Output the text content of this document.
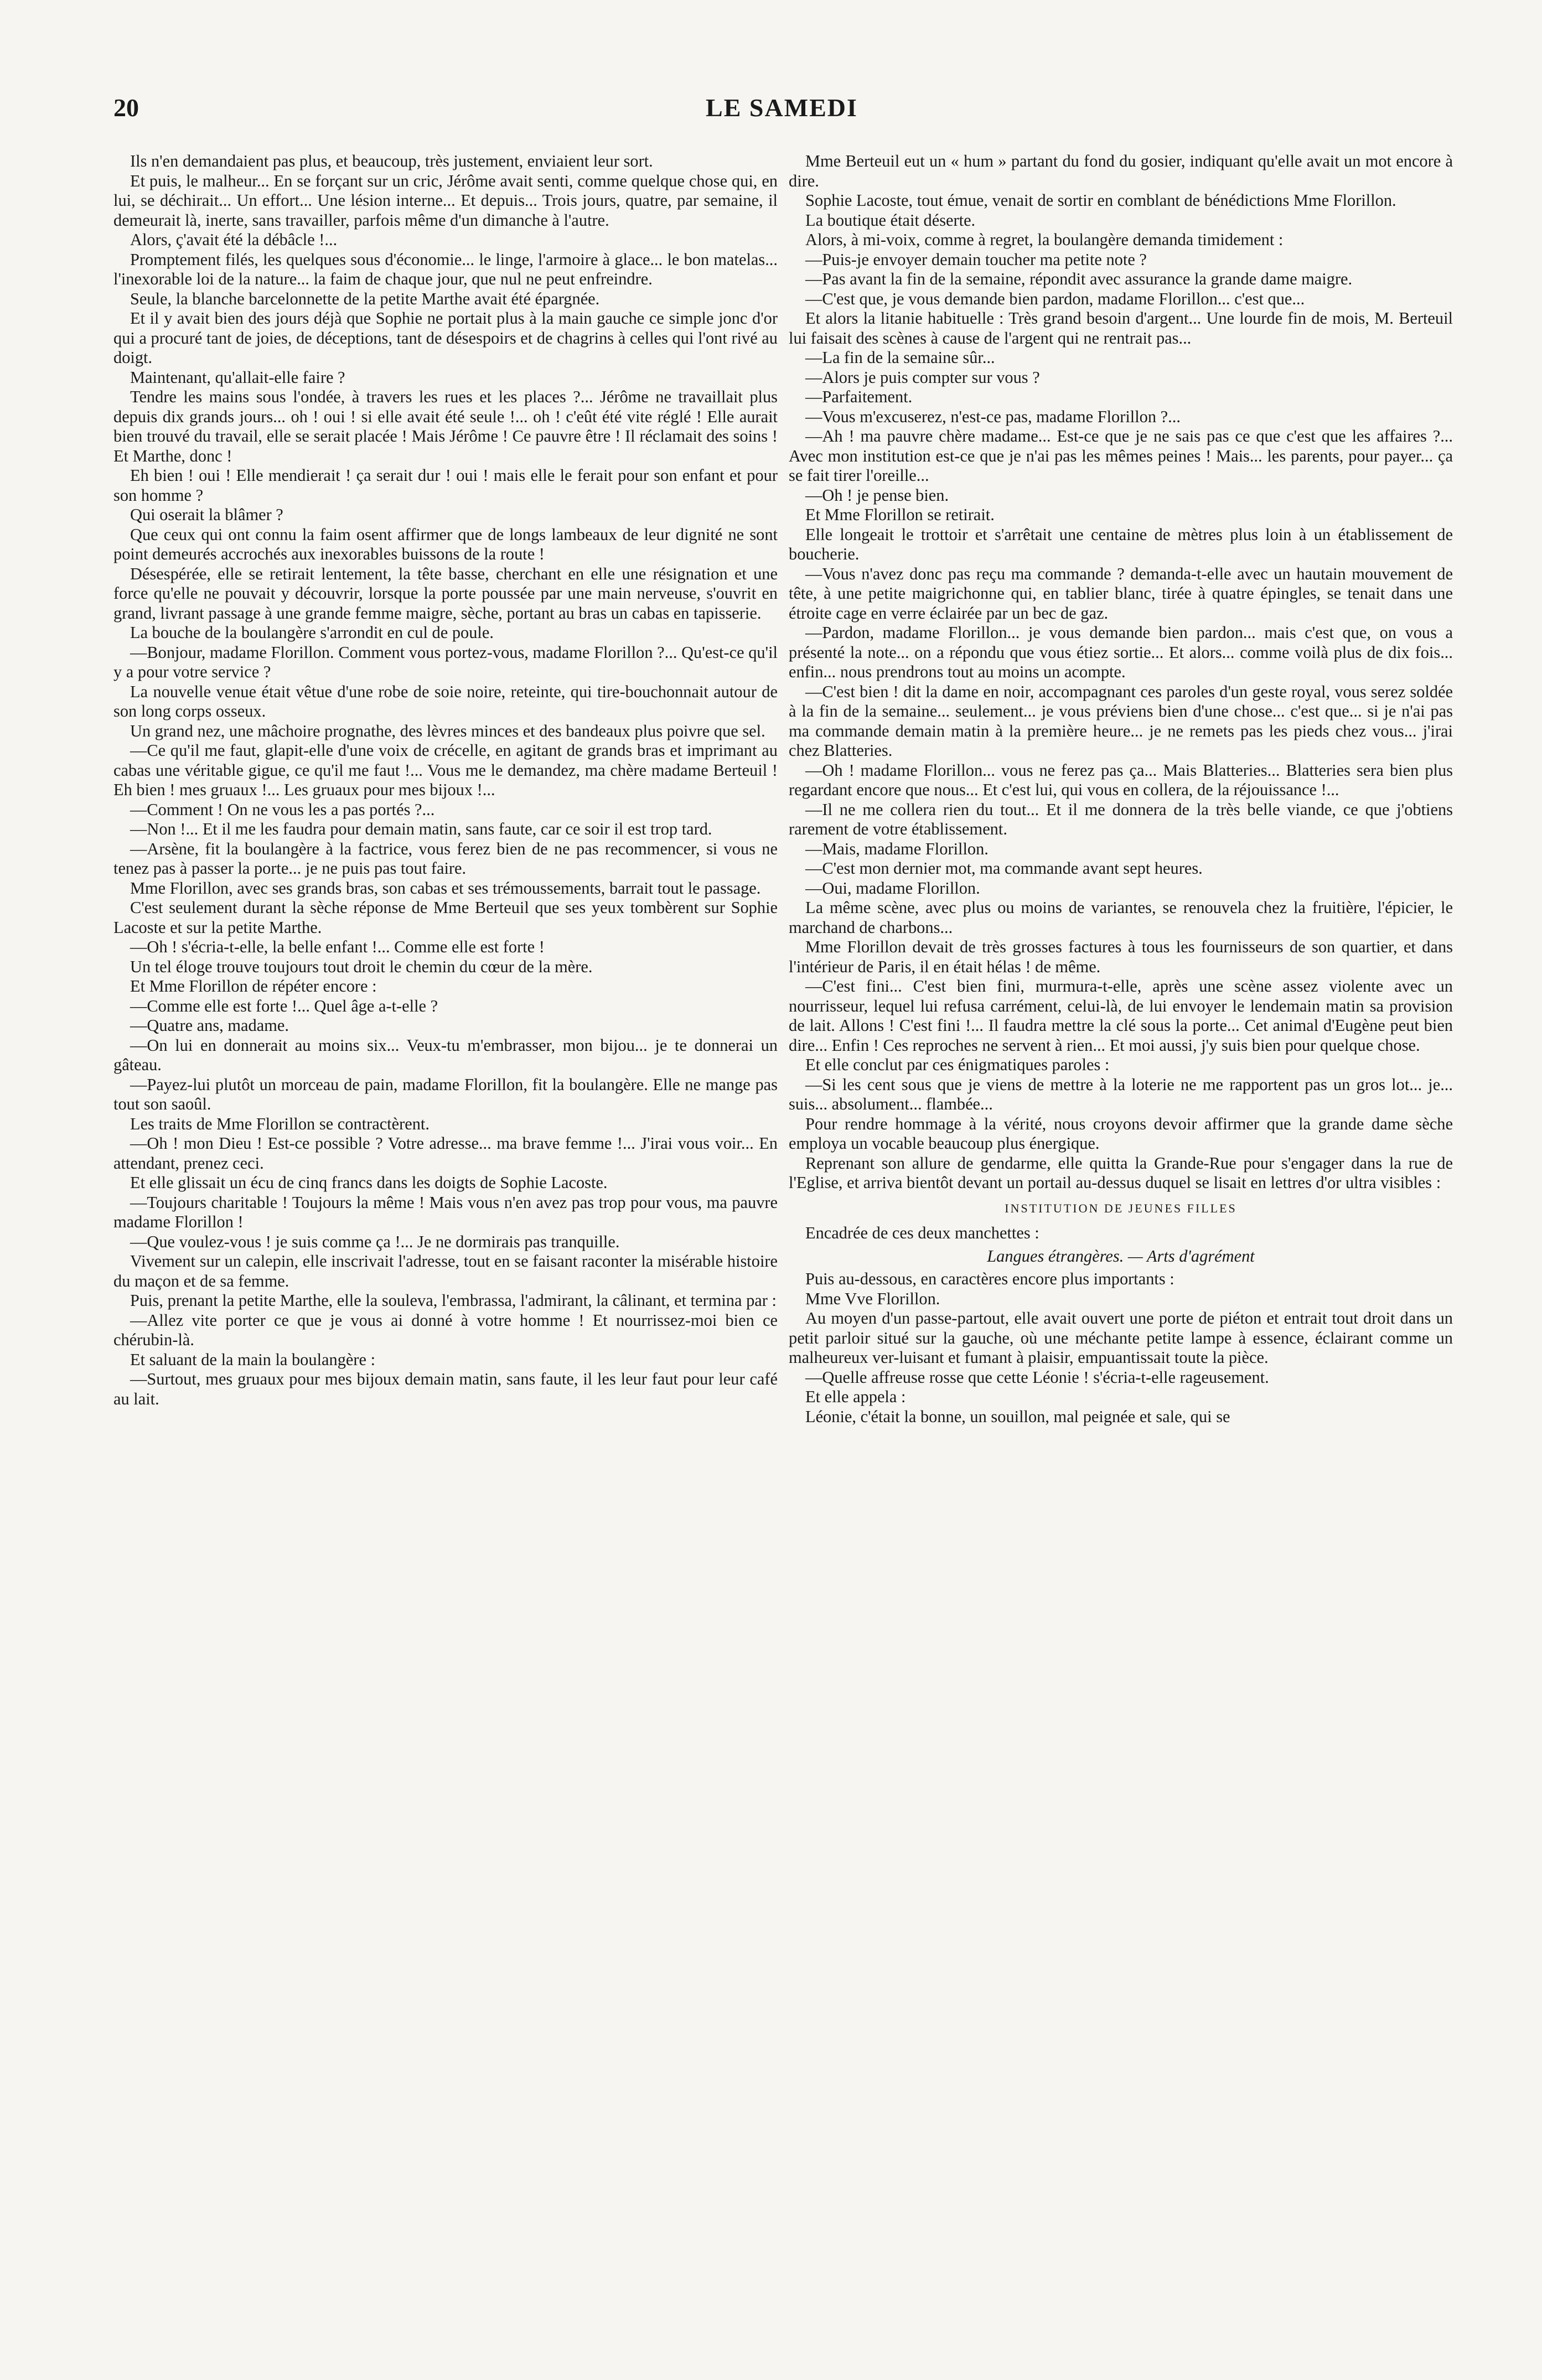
20	LE SAMEDI

Ils n'en demandaient pas plus, et beaucoup, très justement, enviaient leur sort.

Et puis, le malheur... En se forçant sur un cric, Jérôme avait senti, comme quelque chose qui, en lui, se déchirait... Un effort... Une lésion interne... Et depuis... Trois jours, quatre, par semaine, il demeurait là, inerte, sans travailler, parfois même d'un dimanche à l'autre.

Alors, ç'avait été la débâcle !...

Promptement filés, les quelques sous d'économie... le linge, l'armoire à glace... le bon matelas... l'inexorable loi de la nature... la faim de chaque jour, que nul ne peut enfreindre.

Seule, la blanche barcelonnette de la petite Marthe avait été épargnée.

Et il y avait bien des jours déjà que Sophie ne portait plus à la main gauche ce simple jonc d'or qui a procuré tant de joies, de déceptions, tant de désespoirs et de chagrins à celles qui l'ont rivé au doigt.

Maintenant, qu'allait-elle faire ?

Tendre les mains sous l'ondée, à travers les rues et les places ?... Jérôme ne travaillait plus depuis dix grands jours... oh ! oui ! si elle avait été seule !... oh ! c'eût été vite réglé ! Elle aurait bien trouvé du travail, elle se serait placée ! Mais Jérôme ! Ce pauvre être ! Il réclamait des soins ! Et Marthe, donc !

Eh bien ! oui ! Elle mendierait ! ça serait dur ! oui ! mais elle le ferait pour son enfant et pour son homme ?

Qui oserait la blâmer ?

Que ceux qui ont connu la faim osent affirmer que de longs lambeaux de leur dignité ne sont point demeurés accrochés aux inexorables buissons de la route !

Désespérée, elle se retirait lentement, la tête basse, cherchant en elle une résignation et une force qu'elle ne pouvait y découvrir, lorsque la porte poussée par une main nerveuse, s'ouvrit en grand, livrant passage à une grande femme maigre, sèche, portant au bras un cabas en tapisserie.

La bouche de la boulangère s'arrondit en cul de poule.

—Bonjour, madame Florillon. Comment vous portez-vous, madame Florillon ?... Qu'est-ce qu'il y a pour votre service ?

La nouvelle venue était vêtue d'une robe de soie noire, reteinte, qui tire-bouchonnait autour de son long corps osseux.

Un grand nez, une mâchoire prognathe, des lèvres minces et des bandeaux plus poivre que sel.

—Ce qu'il me faut, glapit-elle d'une voix de crécelle, en agitant de grands bras et imprimant au cabas une véritable gigue, ce qu'il me faut !... Vous me le demandez, ma chère madame Berteuil ! Eh bien ! mes gruaux !... Les gruaux pour mes bijoux !...

—Comment ! On ne vous les a pas portés ?...

—Non !... Et il me les faudra pour demain matin, sans faute, car ce soir il est trop tard.

—Arsène, fit la boulangère à la factrice, vous ferez bien de ne pas recommencer, si vous ne tenez pas à passer la porte... je ne puis pas tout faire.

Mme Florillon, avec ses grands bras, son cabas et ses trémoussements, barrait tout le passage.

C'est seulement durant la sèche réponse de Mme Berteuil que ses yeux tombèrent sur Sophie Lacoste et sur la petite Marthe.

—Oh ! s'écria-t-elle, la belle enfant !... Comme elle est forte !

Un tel éloge trouve toujours tout droit le chemin du cœur de la mère.

Et Mme Florillon de répéter encore :

—Comme elle est forte !... Quel âge a-t-elle ?

—Quatre ans, madame.

—On lui en donnerait au moins six... Veux-tu m'embrasser, mon bijou... je te donnerai un gâteau.

—Payez-lui plutôt un morceau de pain, madame Florillon, fit la boulangère. Elle ne mange pas tout son saoûl.

Les traits de Mme Florillon se contractèrent.

—Oh ! mon Dieu ! Est-ce possible ? Votre adresse... ma brave femme !... J'irai vous voir... En attendant, prenez ceci.

Et elle glissait un écu de cinq francs dans les doigts de Sophie Lacoste.

—Toujours charitable ! Toujours la même ! Mais vous n'en avez pas trop pour vous, ma pauvre madame Florillon !

—Que voulez-vous ! je suis comme ça !... Je ne dormirais pas tranquille.

Vivement sur un calepin, elle inscrivait l'adresse, tout en se faisant raconter la misérable histoire du maçon et de sa femme.

Puis, prenant la petite Marthe, elle la souleva, l'embrassa, l'admirant, la câlinant, et termina par :

—Allez vite porter ce que je vous ai donné à votre homme ! Et nourrissez-moi bien ce chérubin-là.

Et saluant de la main la boulangère :

—Surtout, mes gruaux pour mes bijoux demain matin, sans faute, il les leur faut pour leur café au lait.

Mme Berteuil eut un « hum » partant du fond du gosier, indiquant qu'elle avait un mot encore à dire.

Sophie Lacoste, tout émue, venait de sortir en comblant de bénédictions Mme Florillon.

La boutique était déserte.

Alors, à mi-voix, comme à regret, la boulangère demanda timidement :

—Puis-je envoyer demain toucher ma petite note ?

—Pas avant la fin de la semaine, répondit avec assurance la grande dame maigre.

—C'est que, je vous demande bien pardon, madame Florillon... c'est que...

Et alors la litanie habituelle : Très grand besoin d'argent... Une lourde fin de mois, M. Berteuil lui faisait des scènes à cause de l'argent qui ne rentrait pas...

—La fin de la semaine sûr...

—Alors je puis compter sur vous ?

—Parfaitement.

—Vous m'excuserez, n'est-ce pas, madame Florillon ?...

—Ah ! ma pauvre chère madame... Est-ce que je ne sais pas ce que c'est que les affaires ?... Avec mon institution est-ce que je n'ai pas les mêmes peines ! Mais... les parents, pour payer... ça se fait tirer l'oreille...

—Oh ! je pense bien.

Et Mme Florillon se retirait.

Elle longeait le trottoir et s'arrêtait une centaine de mètres plus loin à un établissement de boucherie.

—Vous n'avez donc pas reçu ma commande ? demanda-t-elle avec un hautain mouvement de tête, à une petite maigrichonne qui, en tablier blanc, tirée à quatre épingles, se tenait dans une étroite cage en verre éclairée par un bec de gaz.

—Pardon, madame Florillon... je vous demande bien pardon... mais c'est que, on vous a présenté la note... on a répondu que vous étiez sortie... Et alors... comme voilà plus de dix fois... enfin... nous prendrons tout au moins un acompte.

—C'est bien ! dit la dame en noir, accompagnant ces paroles d'un geste royal, vous serez soldée à la fin de la semaine... seulement... je vous préviens bien d'une chose... c'est que... si je n'ai pas ma commande demain matin à la première heure... je ne remets pas les pieds chez vous... j'irai chez Blatteries.

—Oh ! madame Florillon... vous ne ferez pas ça... Mais Blatteries... Blatteries sera bien plus regardant encore que nous... Et c'est lui, qui vous en collera, de la réjouissance !...

—Il ne me collera rien du tout... Et il me donnera de la très belle viande, ce que j'obtiens rarement de votre établissement.

—Mais, madame Florillon.

—C'est mon dernier mot, ma commande avant sept heures.

—Oui, madame Florillon.

La même scène, avec plus ou moins de variantes, se renouvela chez la fruitière, l'épicier, le marchand de charbons...

Mme Florillon devait de très grosses factures à tous les fournisseurs de son quartier, et dans l'intérieur de Paris, il en était hélas ! de même.

—C'est fini... C'est bien fini, murmura-t-elle, après une scène assez violente avec un nourrisseur, lequel lui refusa carrément, celui-là, de lui envoyer le lendemain matin sa provision de lait. Allons ! C'est fini !... Il faudra mettre la clé sous la porte... Cet animal d'Eugène peut bien dire... Enfin ! Ces reproches ne servent à rien... Et moi aussi, j'y suis bien pour quelque chose.

Et elle conclut par ces énigmatiques paroles :

—Si les cent sous que je viens de mettre à la loterie ne me rapportent pas un gros lot... je... suis... absolument... flambée...

Pour rendre hommage à la vérité, nous croyons devoir affirmer que la grande dame sèche employa un vocable beaucoup plus énergique.

Reprenant son allure de gendarme, elle quitta la Grande-Rue pour s'engager dans la rue de l'Eglise, et arriva bientôt devant un portail au-dessus duquel se lisait en lettres d'or ultra visibles :

INSTITUTION DE JEUNES FILLES

Encadrée de ces deux manchettes :

Langues étrangères. — Arts d'agrément

Puis au-dessous, en caractères encore plus importants :

Mme Vve Florillon.

Au moyen d'un passe-partout, elle avait ouvert une porte de piéton et entrait tout droit dans un petit parloir situé sur la gauche, où une méchante petite lampe à essence, éclairant comme un malheureux ver-luisant et fumant à plaisir, empuantissait toute la pièce.

—Quelle affreuse rosse que cette Léonie ! s'écria-t-elle rageusement.

Et elle appela :

Léonie, c'était la bonne, un souillon, mal peignée et sale, qui se
